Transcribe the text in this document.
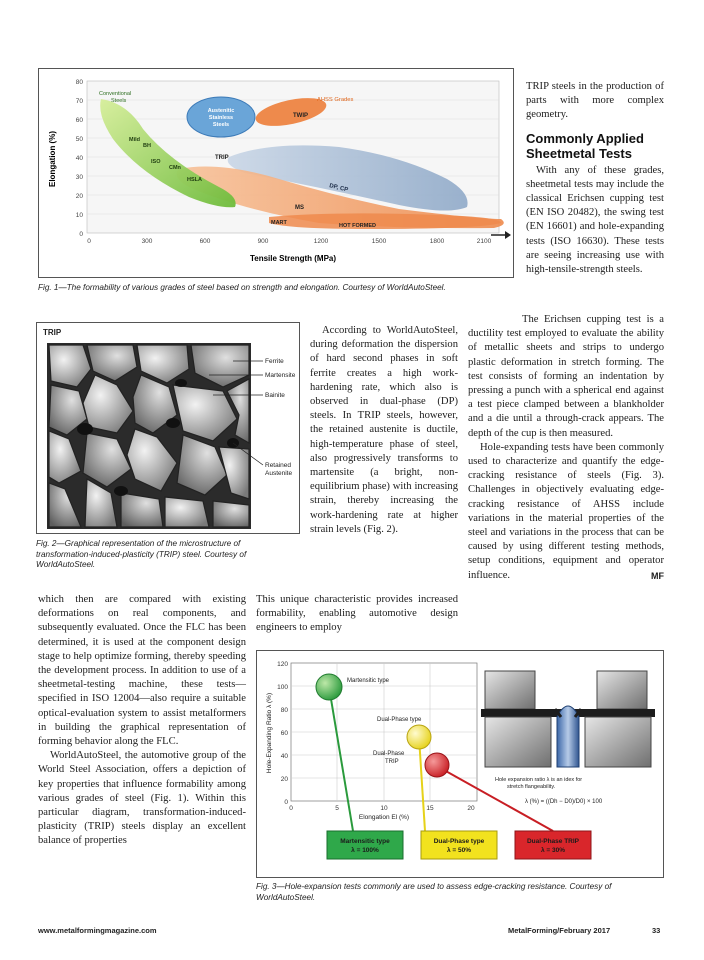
80
70
60
50
40
30
20
10
0
0	300	600	900	1200	1500	1800	2100
Tensile Strength (MPa)
Elongation (%)
Conventional
Steels	AHSS Grades
Austenitic
Stainless
Steels
TWIP
Mild
BH
ISO
CMn
HSLA
TRIP
DP, CP
MS
MART	HOT FORMED
Fig. 1—The formability of various grades of steel based on strength and elongation. Courtesy of WorldAutoSteel.

TRIP steels in the production of parts with more complex geometry.

Commonly Applied Sheetmetal Tests

With any of these grades, sheetmetal tests may include the classical Erichsen cupping test (EN ISO 20482), the swing test (EN 16601) and hole-expanding tests (ISO 16630). These tests are seeing increasing use with high-tensile-strength steels.

The Erichsen cupping test is a ductility test employed to evaluate the ability of metallic sheets and strips to undergo plastic deformation in stretch forming. The test consists of forming an indentation by pressing a punch with a spherical end against a test piece clamped between a blankholder and a die until a through-crack appears. The depth of the cup is then measured.

Hole-expanding tests have been commonly used to characterize and quantify the edge-cracking resistance of steels (Fig. 3). Challenges in objectively evaluating edge-cracking resistance of AHSS include variations in the material properties of the steel and variations in the process that can be caused by using different testing methods, setup conditions, equipment and operator influence.	MF

TRIP
Ferrite
Martensite
Bainite
Retained
Austenite
Fig. 2—Graphical representation of the microstructure of transformation-induced-plasticity (TRIP) steel. Courtesy of WorldAutoSteel.

According to WorldAutoSteel, during deformation the dispersion of hard second phases in soft ferrite creates a high work-hardening rate, which also is observed in dual-phase (DP) steels. In TRIP steels, however, the retained austenite is ductile, high-temperature phase of steel, also progressively transforms to martensite (a bright, non-equilibrium phase) with increasing strain, thereby increasing the work-hardening rate at higher strain levels (Fig. 2).

This unique characteristic provides increased formability, enabling automotive design engineers to employ

which then are compared with existing deformations on real components, and subsequently evaluated. Once the FLC has been determined, it is used at the component design stage to help optimize forming, thereby speeding the development process. In addition to use of a sheetmetal-testing machine, these tests—specified in ISO 12004—also require a suitable optical-evaluation system to assist metalformers in building the graphical representation of forming behavior along the FLC.

WorldAutoSteel, the automotive group of the World Steel Association, offers a depiction of key properties that influence formability among various grades of steel (Fig. 1). Within this particular diagram, transformation-induced-plasticity (TRIP) steels display an excellent balance of properties

120
100
80
60
40
20
0
0	5	10	15	20
Elongation El (%)
Hole-Expanding Ratio λ (%)
Martensitic type
Dual-Phase type
Dual-Phase
TRIP
Hole expansion ratio λ is an idex for
stretch flangeability.
λ (%) = ((Dh − D0)/D0) × 100
Martensitic type
λ = 100%
Dual-Phase type
λ = 50%
Dual-Phase TRIP
λ = 30%
Fig. 3—Hole-expansion tests commonly are used to assess edge-cracking resistance. Courtesy of WorldAutoSteel.
www.metalformingmagazine.com	MetalForming/February 2017	33
